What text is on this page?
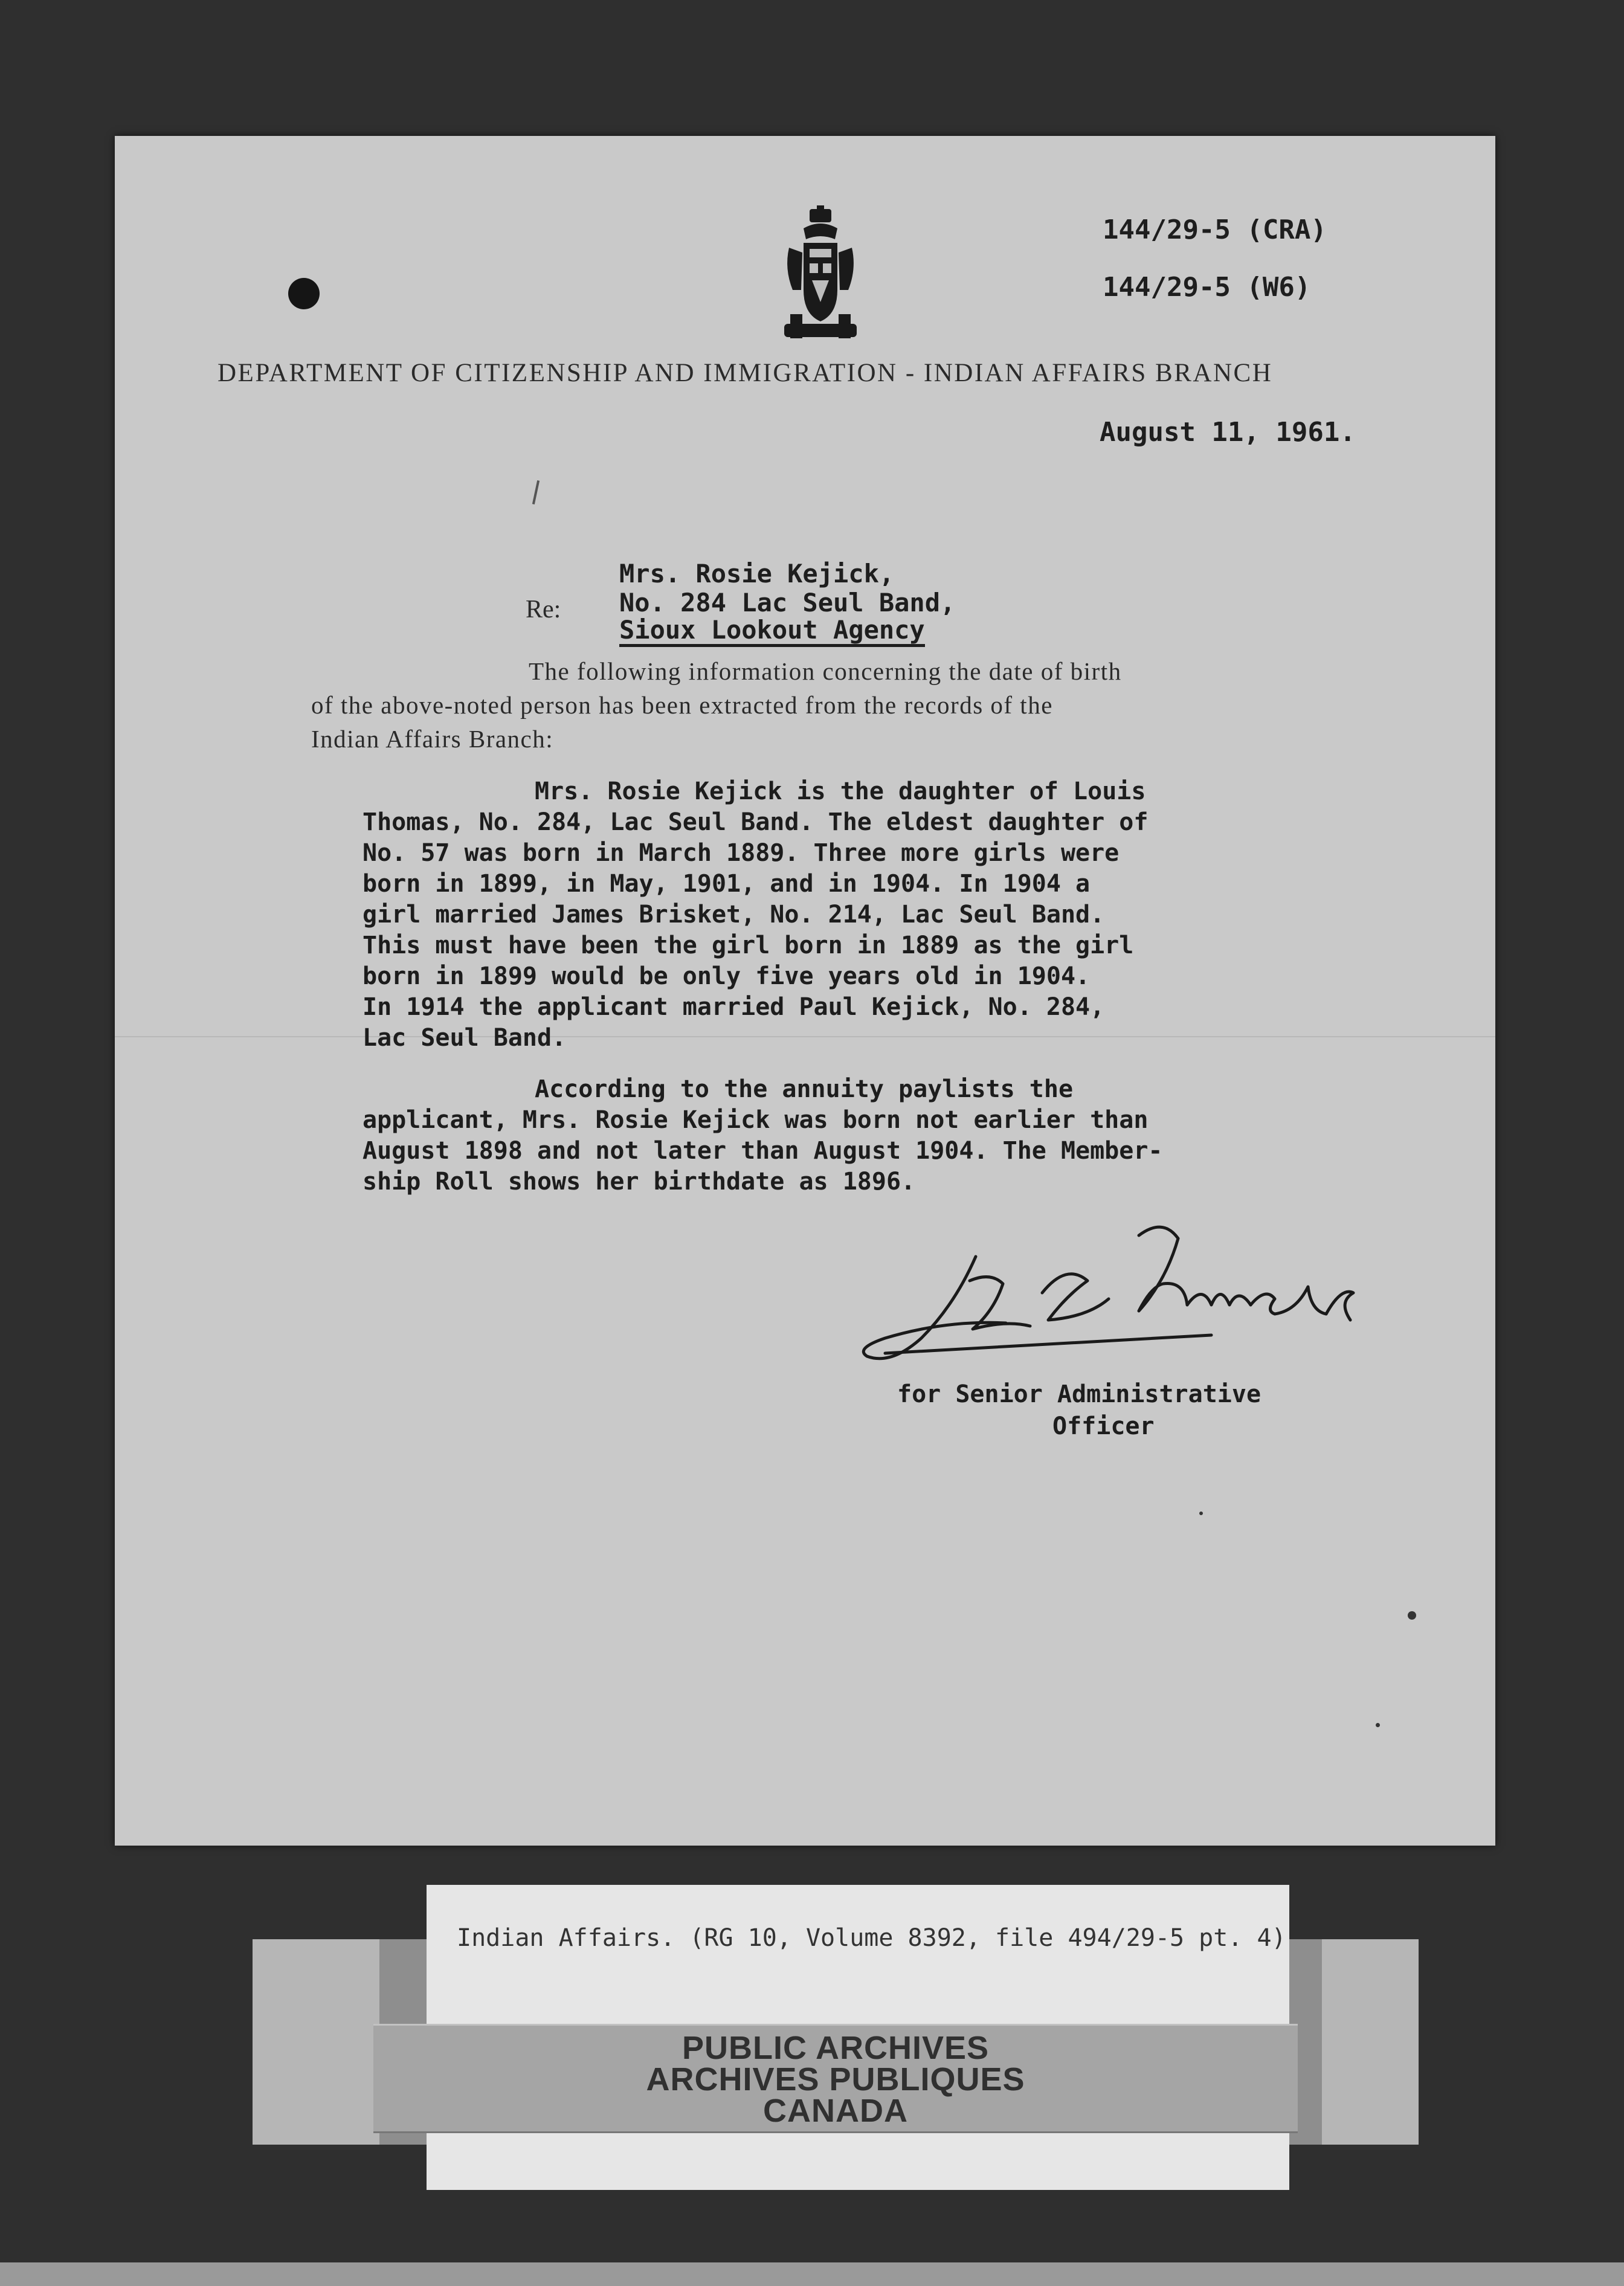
144/29-5 (CRA)
144/29-5 (W6)
DEPARTMENT OF CITIZENSHIP AND IMMIGRATION - INDIAN AFFAIRS BRANCH
August 11, 1961.
Re:
Mrs. Rosie Kejick,
No. 284 Lac Seul Band,
Sioux Lookout Agency
The following information concerning the date of birth
of the above-noted person has been extracted from the records of the
Indian Affairs Branch:
Mrs. Rosie Kejick is the daughter of Louis
Thomas, No. 284, Lac Seul Band. The eldest daughter of
No. 57 was born in March 1889. Three more girls were
born in 1899, in May, 1901, and in 1904. In 1904 a
girl married James Brisket, No. 214, Lac Seul Band.
This must have been the girl born in 1889 as the girl
born in 1899 would be only five years old in 1904.
In 1914 the applicant married Paul Kejick, No. 284,
Lac Seul Band.
According to the annuity paylists the
applicant, Mrs. Rosie Kejick was born not earlier than
August 1898 and not later than August 1904. The Member-
ship Roll shows her birthdate as 1896.
for Senior Administrative
Officer
Indian Affairs. (RG 10, Volume 8392, file 494/29-5 pt. 4)
PUBLIC ARCHIVES
ARCHIVES PUBLIQUES
CANADA
